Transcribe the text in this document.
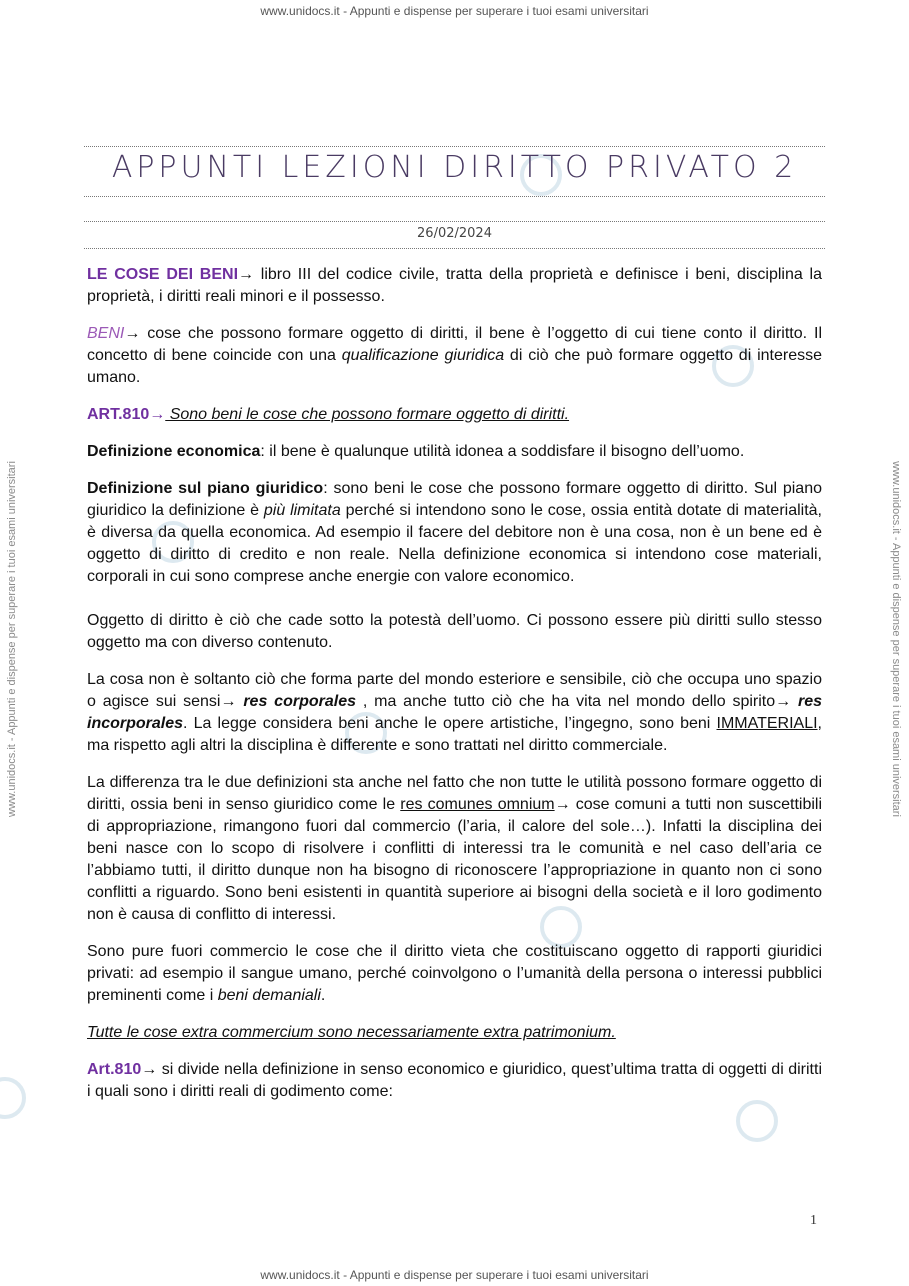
www.unidocs.it - Appunti e dispense per superare i tuoi esami universitari
www.unidocs.it - Appunti e dispense per superare i tuoi esami universitari	www.unidocs.it - Appunti e dispense per superare i tuoi esami universitari
APPUNTI LEZIONI DIRITTO PRIVATO 2
26/02/2024

LE COSE DEI BENI→ libro III del codice civile, tratta della proprietà e definisce i beni, disciplina la proprietà, i diritti reali minori e il possesso.

BENI→ cose che possono formare oggetto di diritti, il bene è l’oggetto di cui tiene conto il diritto. Il concetto di bene coincide con una qualificazione giuridica di ciò che può formare oggetto di interesse umano.

ART.810→ Sono beni le cose che possono formare oggetto di diritti.

Definizione economica: il bene è qualunque utilità idonea a soddisfare il bisogno dell’uomo.

Definizione sul piano giuridico: sono beni le cose che possono formare oggetto di diritto. Sul piano giuridico la definizione è più limitata perché si intendono sono le cose, ossia entità dotate di materialità, è diversa da quella economica. Ad esempio il facere del debitore non è una cosa, non è un bene ed è oggetto di diritto di credito e non reale. Nella definizione economica si intendono cose materiali, corporali in cui sono comprese anche energie con valore economico.

Oggetto di diritto è ciò che cade sotto la potestà dell’uomo. Ci possono essere più diritti sullo stesso oggetto ma con diverso contenuto.

La cosa non è soltanto ciò che forma parte del mondo esteriore e sensibile, ciò che occupa uno spazio o agisce sui sensi→ res corporales , ma anche tutto ciò che ha vita nel mondo dello spirito→ res incorporales. La legge considera beni anche le opere artistiche, l’ingegno, sono beni IMMATERIALI, ma rispetto agli altri la disciplina è differente e sono trattati nel diritto commerciale.

La differenza tra le due definizioni sta anche nel fatto che non tutte le utilità possono formare oggetto di diritti, ossia beni in senso giuridico come le res comunes omnium→ cose comuni a tutti non suscettibili di appropriazione, rimangono fuori dal commercio (l’aria, il calore del sole…). Infatti la disciplina dei beni nasce con lo scopo di risolvere i conflitti di interessi tra le comunità e nel caso dell’aria ce l’abbiamo tutti, il diritto dunque non ha bisogno di riconoscere l’appropriazione in quanto non ci sono conflitti a riguardo. Sono beni esistenti in quantità superiore ai bisogni della società e il loro godimento non è causa di conflitto di interessi.

Sono pure fuori commercio le cose che il diritto vieta che costituiscano oggetto di rapporti giuridici privati: ad esempio il sangue umano, perché coinvolgono o l’umanità della persona o interessi pubblici preminenti come i beni demaniali.

Tutte le cose extra commercium sono necessariamente extra patrimonium.

Art.810→ si divide nella definizione in senso economico e giuridico, quest’ultima tratta di oggetti di diritti i quali sono i diritti reali di godimento come:

1
www.unidocs.it - Appunti e dispense per superare i tuoi esami universitari
